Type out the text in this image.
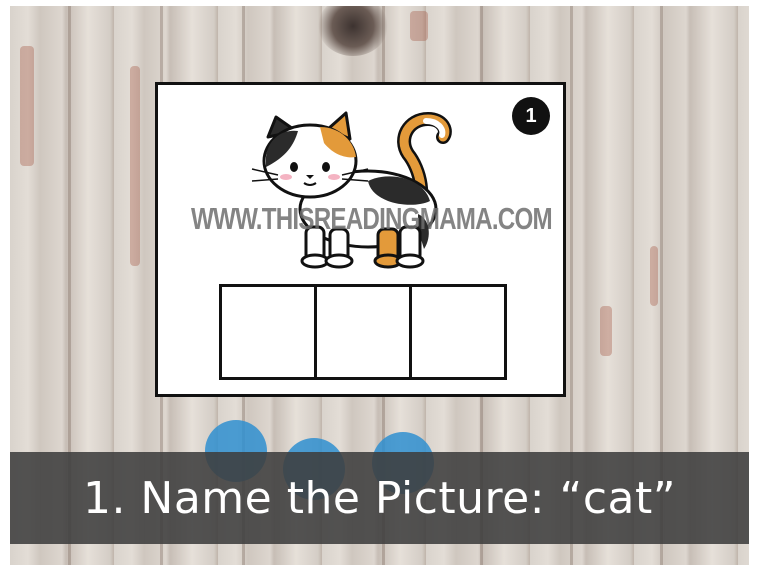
1
WWW.THISREADINGMAMA.COM
1. Name the Picture: “cat”
